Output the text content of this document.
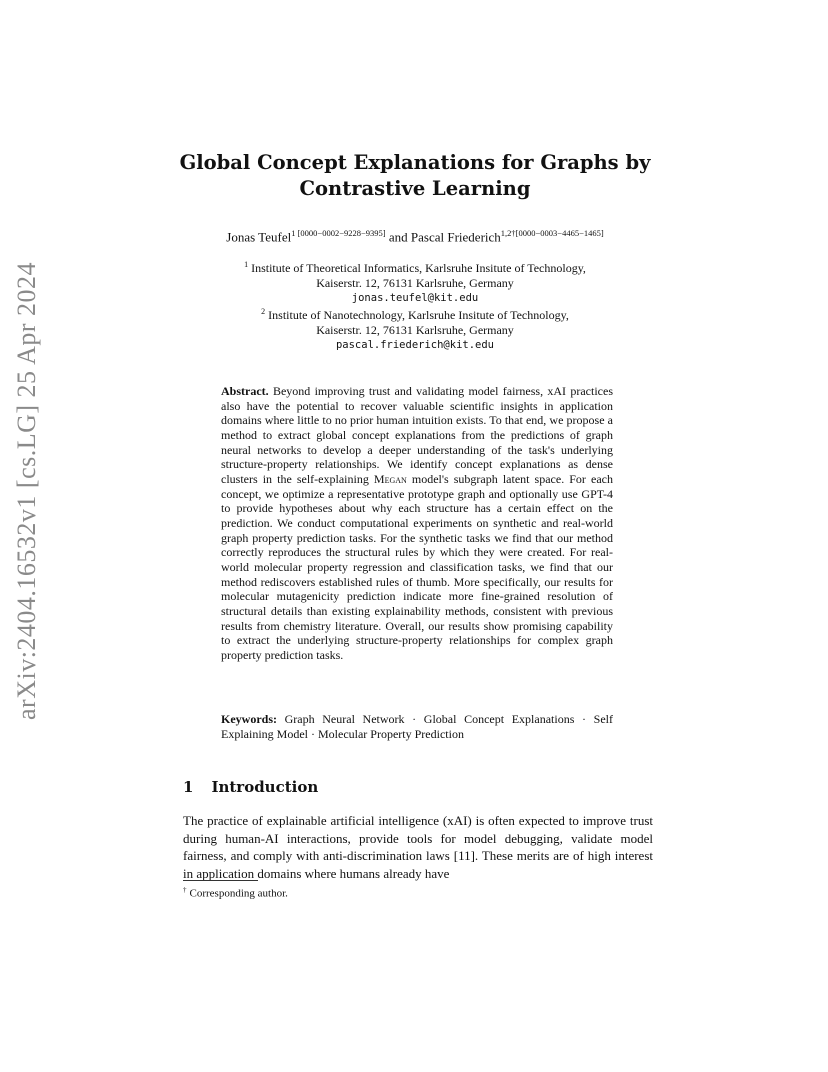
arXiv:2404.16532v1 [cs.LG] 25 Apr 2024
Global Concept Explanations for Graphs by Contrastive Learning
Jonas Teufel$^{1 [0000-0002-9228-9395]}$ and Pascal Friederich$^{1,2\dagger[0000-0003-4465-1465]}$
$^1$ Institute of Theoretical Informatics, Karlsruhe Insitute of Technology,
Kaiserstr. 12, 76131 Karlsruhe, Germany
jonas.teufel@kit.edu
$^2$ Institute of Nanotechnology, Karlsruhe Insitute of Technology,
Kaiserstr. 12, 76131 Karlsruhe, Germany
pascal.friederich@kit.edu
Abstract. Beyond improving trust and validating model fairness, xAI practices also have the potential to recover valuable scientific insights in application domains where little to no prior human intuition exists. To that end, we propose a method to extract global concept explanations from the predictions of graph neural networks to develop a deeper understanding of the task's underlying structure-property relationships. We identify concept explanations as dense clusters in the self-explaining Megan model's subgraph latent space. For each concept, we optimize a representative prototype graph and optionally use GPT-4 to provide hypotheses about why each structure has a certain effect on the prediction. We conduct computational experiments on synthetic and real-world graph property prediction tasks. For the synthetic tasks we find that our method correctly reproduces the structural rules by which they were created. For real-world molecular property regression and classification tasks, we find that our method rediscovers established rules of thumb. More specifically, our results for molecular mutagenicity prediction indicate more fine-grained resolution of structural details than existing explainability methods, consistent with previous results from chemistry literature. Overall, our results show promising capability to extract the underlying structure-property relationships for complex graph property prediction tasks.
Keywords: Graph Neural Network · Global Concept Explanations · Self Explaining Model · Molecular Property Prediction
1 Introduction
The practice of explainable artificial intelligence (xAI) is often expected to improve trust during human-AI interactions, provide tools for model debugging, validate model fairness, and comply with anti-discrimination laws [11]. These merits are of high interest in application domains where humans already have
† Corresponding author.
